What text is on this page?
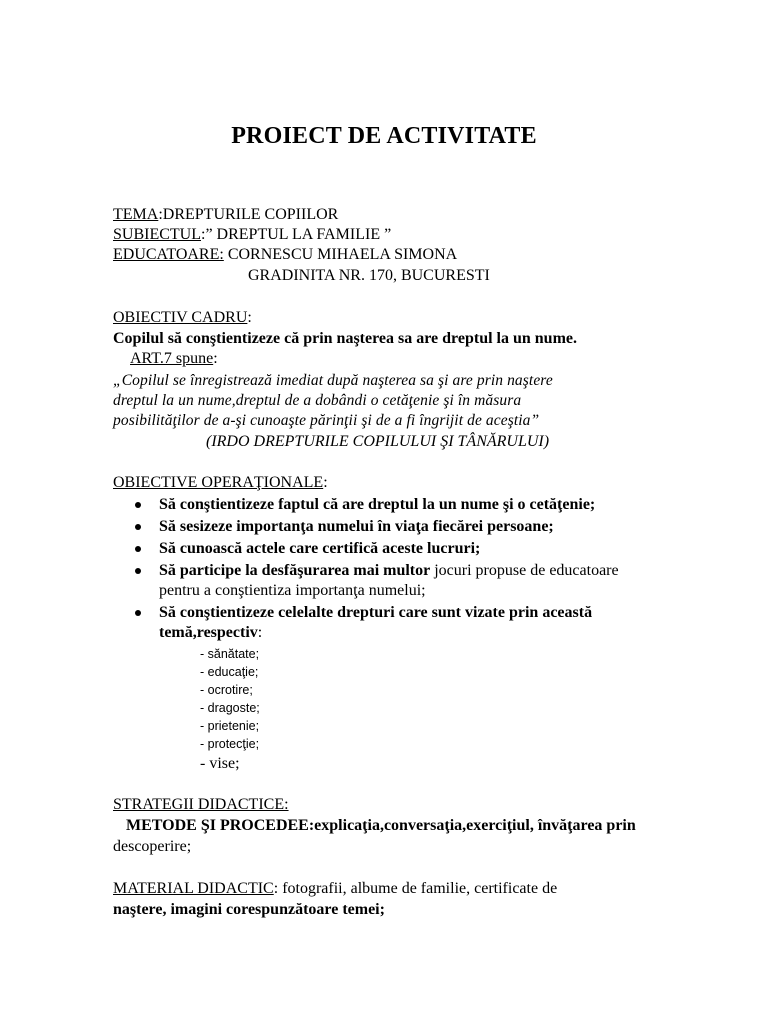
PROIECT DE ACTIVITATE
TEMA:DREPTURILE COPIILOR
SUBIECTUL:” DREPTUL LA FAMILIE ”
EDUCATOARE: CORNESCU MIHAELA SIMONA
GRADINITA NR. 170, BUCURESTI
OBIECTIV CADRU:
Copilul să conştientizeze că prin naşterea sa are dreptul la un nume.
ART.7 spune:
„Copilul se înregistrează imediat după naşterea sa şi are prin naştere
dreptul la un nume,dreptul de a dobândi o cetăţenie şi în măsura
posibilităţilor de a-şi cunoaşte părinţii şi de a fi îngrijit de aceştia”
(IRDO DREPTURILE COPILULUI ŞI TÂNĂRULUI)
OBIECTIVE OPERAŢIONALE:
Să conştientizeze faptul că are dreptul la un nume şi o cetăţenie;
Să sesizeze importanţa numelui în viaţa fiecărei persoane;
Să cunoască actele care certifică aceste lucruri;
Să participe la desfăşurarea mai multor jocuri propuse de educatoare
pentru a conştientiza importanţa numelui;
Să conştientizeze celelalte drepturi care sunt vizate prin această
temă,respectiv:
- sănătate;
- educaţie;
- ocrotire;
- dragoste;
- prietenie;
- protecţie;
- vise;
STRATEGII DIDACTICE:
METODE ŞI PROCEDEE:explicaţia,conversaţia,exerciţiul, învăţarea prin
descoperire;
MATERIAL DIDACTIC: fotografii, albume de familie, certificate de
naştere, imagini corespunzătoare temei;
